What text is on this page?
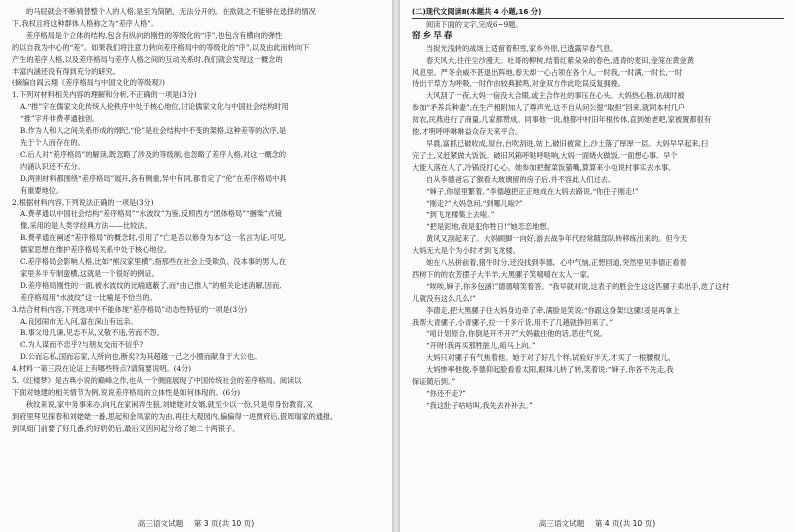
的马屁就会不断骑替整个人的人格,是至为简陋、无法分开的。在欲就之不能够在选择的情况

下,我权且将这种群体人格称之为“差序人格”。

差序格局是个立体的结构,包含有纵向的刚性的等级化的“序”,也包含有横向的弹性

的以自我为中心的“差”。如果我们将注意力转向差序格局中的等级化的“序”,以及由此而转向下

产生的差序人格,以及差序格局与差序人格之间的互动关系时,我们就会发现这一概念的

丰富内涵还没有得到充分的研究。

(摘编自阎云翔《差序格局与中国文化的等级观》)

1.下列对材料相关内容的理解和分析,不正确的一项是(3分)

A.“推”字在儒家文化传统人伦秩序中处于核心地位,讨论儒家文化与中国社会结构时用

“推”字并非费孝通独创。

B.作为人和人之间关系形成的纲纪,“伦”是社会结构中不变的架格,这种差等的次序,是

先于个人而存在的。

C.后人对“差序格局”的解读,既忽略了涉及的等级制,也忽略了差序人格,对这一概念的

内涵认识还不充分。

D.两则材料都围绕“差序格局”展开,各有侧重,异中有同,都肯定了“伦”在差序格局中具

有重要地位。

2.根据材料内容,下列说法正确的一项是(3分)

A.费孝通以中国社会结构“差序格局”“水波纹”为鉴,反照西方“团体格局”“捆柴”式镜

像,采用的是人类学经典方法——比较法。

B.费孝通在阐述“差序格局”的概念时,引用了“亡是否以修身为本”这一名言为证,可见,

儒家思想在维护差序格局关系中处于核心地位。

C.差序格局会影响人格,比如“熊汉家里横”,指那些在社会上受欺负、没本事的男人,在

家里多半专制蛮横,这就是一个很好的例证。

D.差序格局刚性的一面,被水波纹的比喻遮蔽了,而“由己推人”的相关论述消解,因而,

差序格局用“水波纹”这一比喻是不恰当的。

3.结合材料内容,下列选项中不能体现“差序格局”动态性特征的一项是(3分)

A.良园闹市无人问,富在深山有远亲。

B.事父母几谏,见志不从,又敬不违,劳而不怨。

C.为人谋而不忠乎?与朋友交而不信乎?

D.公而忘私,国而忘家,人所向也,断矣?为其超越一己之小圈而献身于大公也。

4.材料一第三段在论证上有哪些特点?请简要说明。(4分)

5.《红楼梦》是古典小说的巅峰之作,也从一个侧面展现了中国传统社会的差序格局。阅读以

下面对她建的相关情节为例,说说差序格局的立体性是如何体现的。(6分)

秋纹来说,家中务事来办,向凡在家闲弄生狼,刘姥姥对女婿,就至少以一份,只是卑身份教育,又

到府里拜见探春和刘姥姥一番,思起和金凤家的为由,再往大观园内,偏偏得一进贾府后,借周瑞家的通报,

到凤姐门前要了好几番,约好奶奶后,最后又因问起分给了她二十两银子。

高三语文试题 第 3 页(共 10 页)

(二)现代文阅读Ⅱ(本题共 4 小题,16 分)

阅读下面的文字,完成6~9题。

窑乡早春

当捉光浅转的战场上适留着积雪,家乡外原,已透露早春气息。

春天风大,往往尘沙漫天。吐哥的柳树,结着红紫朵朵的春色,逃青的麦田,金笼在黄金黄

风息里。严冬余威不甚退出阵地,春天却一心占领在各个人,一时我,一时满,一时长,一时

待出干草方为呼吸,一时作由较典猴鸣,对金双方作此吃误反复拥挽。

大风刮了一夜,大妈一宿没大合眼,或主合作社的事压在心头。大妈热心肠,抗战时被

参加“矛养兵种妻”,在生产相附加人了尊声光,这不自从问公提“取担”回来,就同本村几户

贫农,民燕进行了商量,几家都赞成。同事他一说,他都中村旧年根传体,直到她老吧,家被置都很有

他,才明呼呼咻咻益众存天来平合。

早晨,富抓已破收成,屋台,台吹刮进,姑上,破旧被窝上,沙土落了厚厚一层。大妈早早起来,扫

完了土,又赶紧做大饭饭。破旧风箱呼哒呼哒响,大妈一面烧火做饭,一面想心事。早个

大能人落在人了,冷锅没打心心。她参加把握菜饭猫嘴,算算来小屯说村事实去水事。

自从李德爸忘了猴看大玻璃留的房子后,并不容此人们过去。

“婶子,你屋里繁着。”李德越把正正地成在大妈去路说,“你往子刚走!”

“刚走?”大妈急问,“到哪儿啦?”

“到飞龙楼集上去啦。”

“把是泥地,我是犯你牲日!”她恋恋地想。

黄风又刮起来了。大妈顾脚一向好,游去战争年代经常随部队转移练出来的。但今天

大妈无大是个为小时才到飞龙楼。

她在八丛拼前着,猪牛时分,还没找到李德。心中气恼,正想回道,突然里见李德正看着

西树下的的农芳摆子大半羊,大黑骡子笑嘻嘻在太人一家。

“唉唉,婶子,你多包涵!”德德嘻笑着答。“我早就对说,这表子的胜会生这这匹骡子卖出手,迭了这村

儿就没有这么几么!”

李德走,把大黑骡子往大妈身边牵了牵,满脸是笑说:“你跟这身架!这骡!妥是再拿上

我帮大青骡子,小青骡子,拉一千多斤货,用不了几趟就挣回来了。”

“咱计划原合,你倒是开不开?”大妈截住他的话,恶住气说。

“开呀!我再买那牲脏儿,咱马上向。”

大妈只对骡子有气焦着他。她于对了好几个样,试验好半天,才买了一根腰棍儿。

大妈惨率他俊,李德仰起脸看着太阳,眼珠儿转了转,笑着说:“婶子,你各不先走,我

保证随后到。”

“你还不走?”

“我这肚子咕咕叫,我先去补补去。”

高三语文试题 第 4 页(共 10 页)
